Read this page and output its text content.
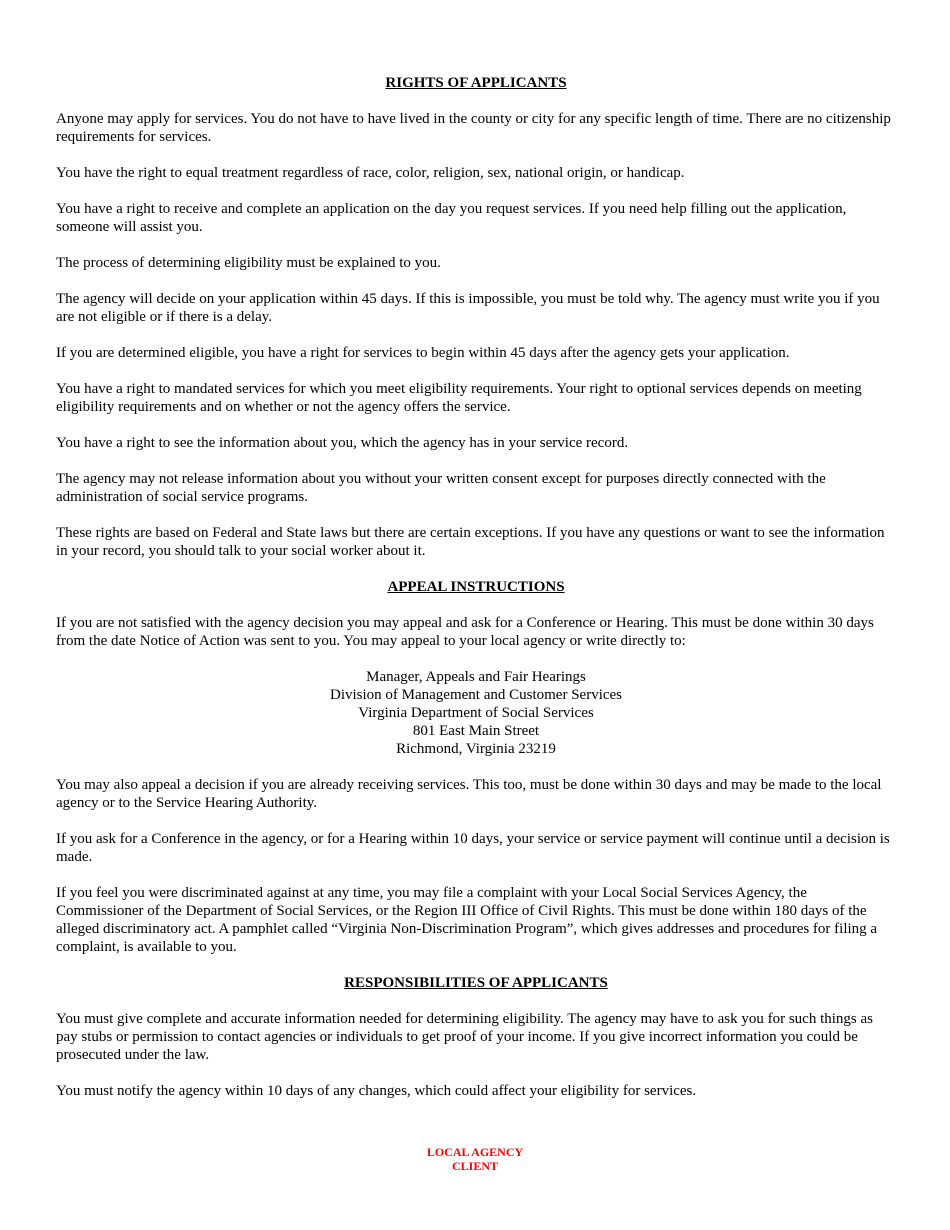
RIGHTS OF APPLICANTS

Anyone may apply for services. You do not have to have lived in the county or city for any specific length of time. There are no citizenship requirements for services.

You have the right to equal treatment regardless of race, color, religion, sex, national origin, or handicap.

You have a right to receive and complete an application on the day you request services. If you need help filling out the application, someone will assist you.

The process of determining eligibility must be explained to you.

The agency will decide on your application within 45 days. If this is impossible, you must be told why. The agency must write you if you are not eligible or if there is a delay.

If you are determined eligible, you have a right for services to begin within 45 days after the agency gets your application.

You have a right to mandated services for which you meet eligibility requirements. Your right to optional services depends on meeting eligibility requirements and on whether or not the agency offers the service.

You have a right to see the information about you, which the agency has in your service record.

The agency may not release information about you without your written consent except for purposes directly connected with the administration of social service programs.

These rights are based on Federal and State laws but there are certain exceptions. If you have any questions or want to see the information in your record, you should talk to your social worker about it.

APPEAL INSTRUCTIONS

If you are not satisfied with the agency decision you may appeal and ask for a Conference or Hearing. This must be done within 30 days from the date Notice of Action was sent to you. You may appeal to your local agency or write directly to:

Manager, Appeals and Fair Hearings
Division of Management and Customer Services
Virginia Department of Social Services
801 East Main Street
Richmond, Virginia 23219

You may also appeal a decision if you are already receiving services. This too, must be done within 30 days and may be made to the local agency or to the Service Hearing Authority.

If you ask for a Conference in the agency, or for a Hearing within 10 days, your service or service payment will continue until a decision is made.

If you feel you were discriminated against at any time, you may file a complaint with your Local Social Services Agency, the Commissioner of the Department of Social Services, or the Region III Office of Civil Rights. This must be done within 180 days of the alleged discriminatory act. A pamphlet called “Virginia Non-Discrimination Program”, which gives addresses and procedures for filing a complaint, is available to you.

RESPONSIBILITIES OF APPLICANTS

You must give complete and accurate information needed for determining eligibility. The agency may have to ask you for such things as pay stubs or permission to contact agencies or individuals to get proof of your income. If you give incorrect information you could be prosecuted under the law.

You must notify the agency within 10 days of any changes, which could affect your eligibility for services.

LOCAL AGENCY
CLIENT
